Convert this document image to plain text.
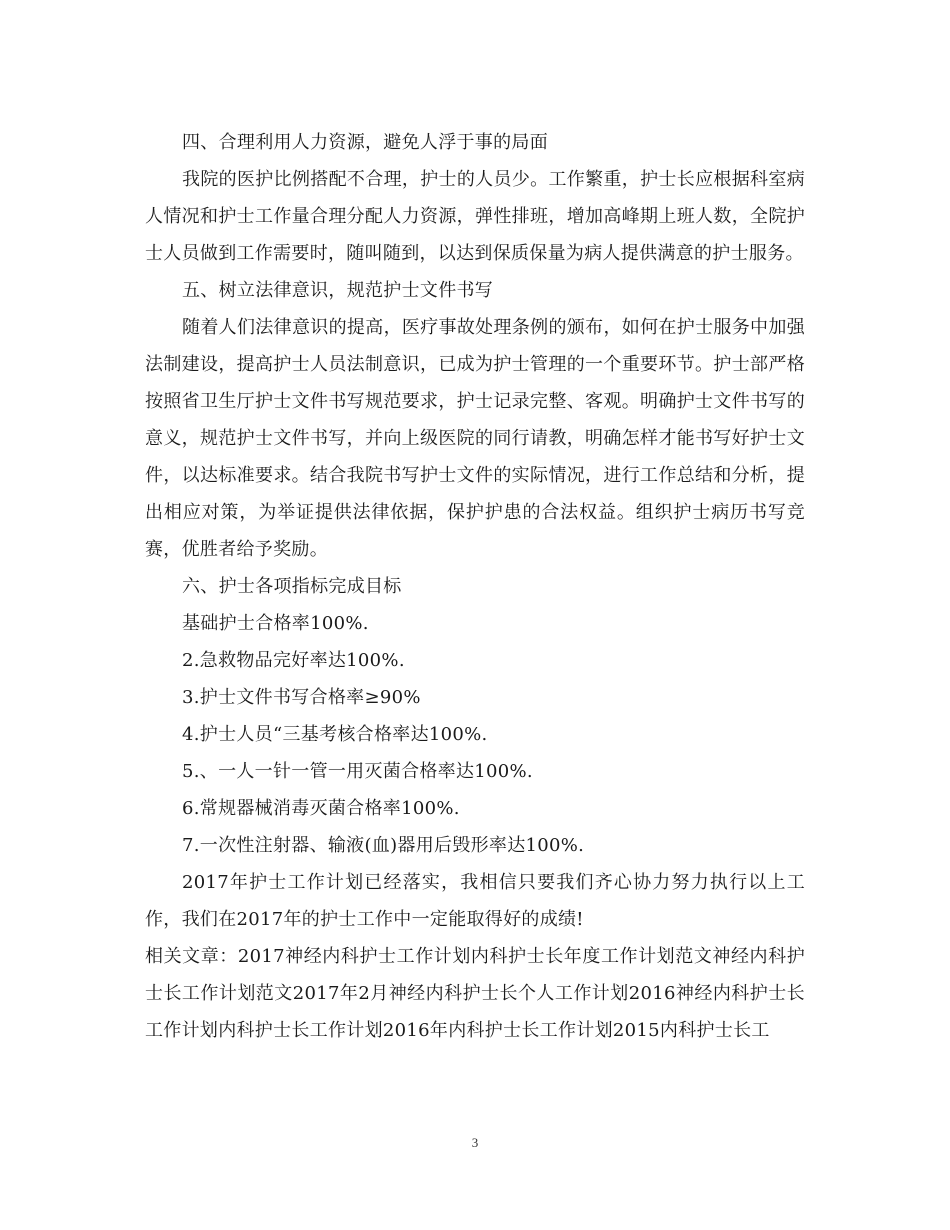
四、合理利用人力资源，避免人浮于事的局面

我院的医护比例搭配不合理，护士的人员少。工作繁重，护士长应根据科室病人情况和护士工作量合理分配人力资源，弹性排班，增加高峰期上班人数，全院护士人员做到工作需要时，随叫随到，以达到保质保量为病人提供满意的护士服务。

五、树立法律意识，规范护士文件书写

随着人们法律意识的提高，医疗事故处理条例的颁布，如何在护士服务中加强法制建设，提高护士人员法制意识，已成为护士管理的一个重要环节。护士部严格按照省卫生厅护士文件书写规范要求，护士记录完整、客观。明确护士文件书写的意义，规范护士文件书写，并向上级医院的同行请教，明确怎样才能书写好护士文件，以达标准要求。结合我院书写护士文件的实际情况，进行工作总结和分析，提出相应对策，为举证提供法律依据，保护护患的合法权益。组织护士病历书写竞赛，优胜者给予奖励。

六、护士各项指标完成目标

基础护士合格率100%.

2.急救物品完好率达100%.

3.护士文件书写合格率≥90%

4.护士人员“三基考核合格率达100%.

5.、一人一针一管一用灭菌合格率达100%.

6.常规器械消毒灭菌合格率100%.

7.一次性注射器、输液(血)器用后毁形率达100%.

2017年护士工作计划已经落实，我相信只要我们齐心协力努力执行以上工作，我们在2017年的护士工作中一定能取得好的成绩!

相关文章：2017神经内科护士工作计划内科护士长年度工作计划范文神经内科护士长工作计划范文2017年2月神经内科护士长个人工作计划2016神经内科护士长工作计划内科护士长工作计划2016年内科护士长工作计划2015内科护士长工

3
